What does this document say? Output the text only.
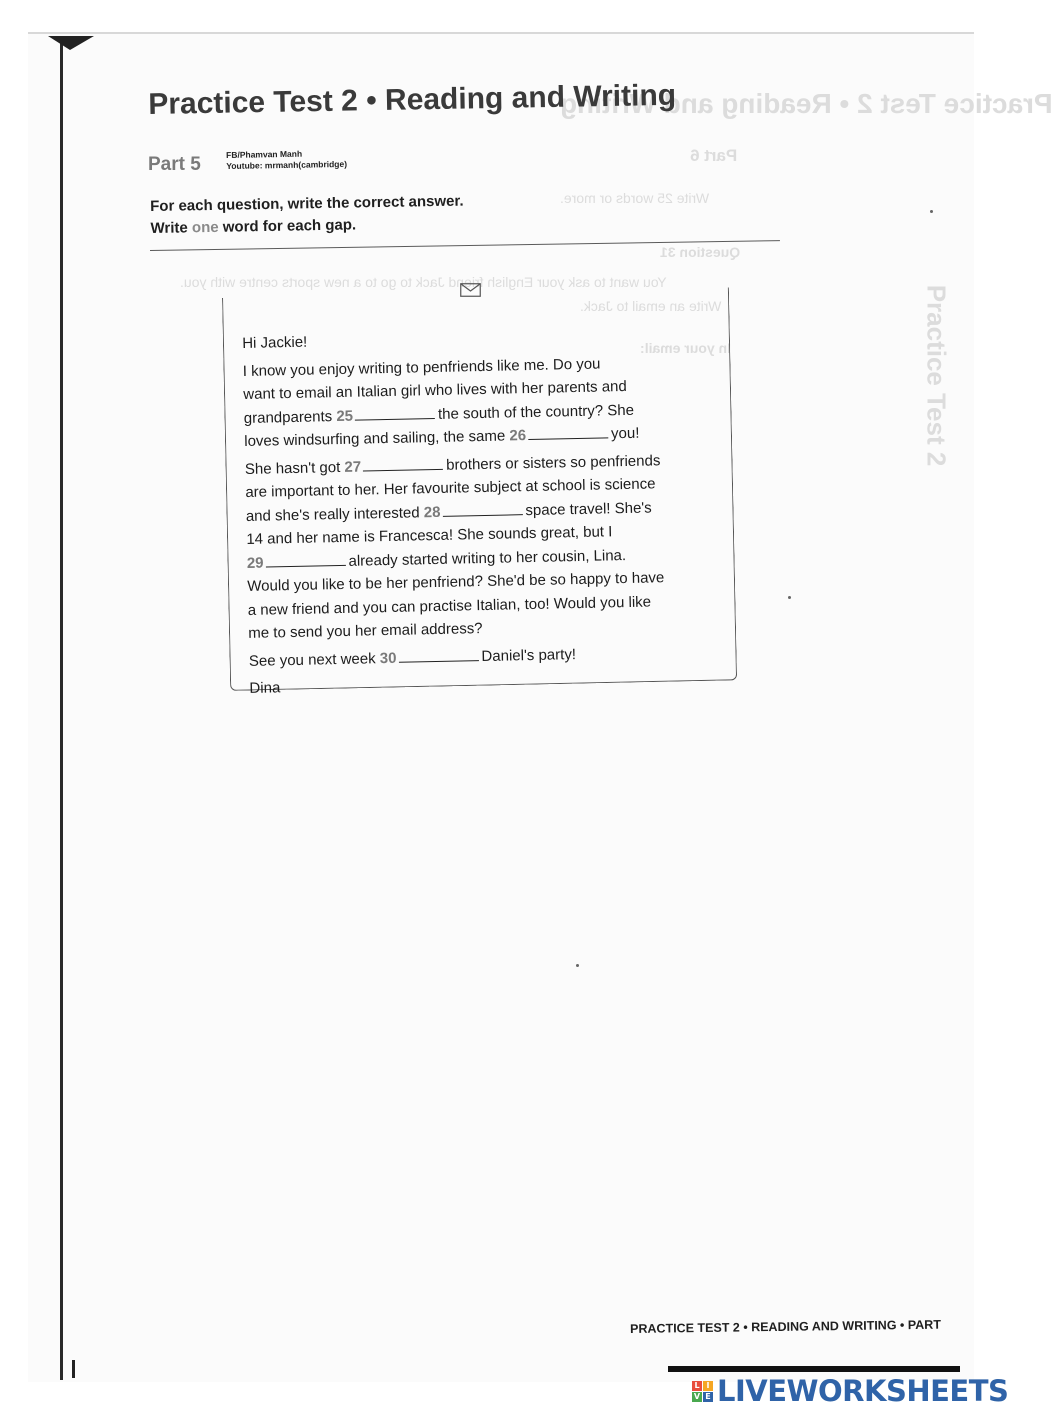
Practice Test 2 • Reading and Writing
Part 6
Write 25 words or more.
Question 31
You want to ask your English friend Jack to go to a new sports centre with you.
Write an email to Jack.
In your email:	Practice Test 2
Practice Test 2 • Reading and Writing
Part 5	FB/Phamvan Manh
Youtube: mrmanh(cambridge)
For each question, write the correct answer.
Write one word for each gap.

Hi Jackie!

I know you enjoy writing to penfriends like me. Do you

want to email an Italian girl who lives with her parents and

grandparents 25	the south of the country? She

loves windsurfing and sailing, the same 26	you!

She hasn't got 27	brothers or sisters so penfriends

are important to her. Her favourite subject at school is science

and she's really interested 28	space travel! She's

14 and her name is Francesca! She sounds great, but I

29	already started writing to her cousin, Lina.

Would you like to be her penfriend? She'd be so happy to have

a new friend and you can practise Italian, too! Would you like

me to send you her email address?

See you next week 30	Daniel's party!

Dina

PRACTICE TEST 2 • READING AND WRITING • PART
L I
V E LIVEWORKSHEETS
